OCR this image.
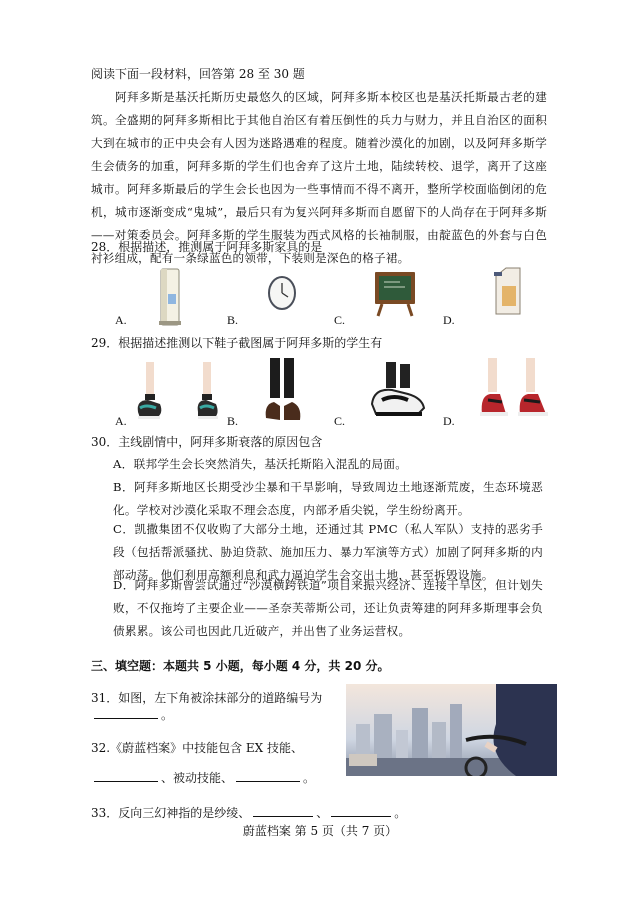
阅读下面一段材料，回答第 28 至 30 题
阿拜多斯是基沃托斯历史最悠久的区域，阿拜多斯本校区也是基沃托斯最古老的建筑。全盛期的阿拜多斯相比于其他自治区有着压倒性的兵力与财力，并且自治区的面积大到在城市的正中央会有人因为迷路遇难的程度。随着沙漠化的加剧，以及阿拜多斯学生会债务的加重，阿拜多斯的学生们也舍弃了这片土地，陆续转校、退学，离开了这座城市。阿拜多斯最后的学生会长也因为一些事情而不得不离开，整所学校面临倒闭的危机，城市逐渐变成“鬼城”，最后只有为复兴阿拜多斯而自愿留下的人尚存在于阿拜多斯——对策委员会。阿拜多斯的学生服装为西式风格的长袖制服，由靛蓝色的外套与白色衬衫组成，配有一条绿蓝色的领带，下装则是深色的格子裙。
28．根据描述，推测属于阿拜多斯家具的是
A.	B.	C.	D.
29．根据描述推测以下鞋子截图属于阿拜多斯的学生有
A.	B.	C.	D.
30．主线剧情中，阿拜多斯衰落的原因包含
A．联邦学生会长突然消失，基沃托斯陷入混乱的局面。
B．阿拜多斯地区长期受沙尘暴和干旱影响，导致周边土地逐渐荒废，生态环境恶化。学校对沙漠化采取不理会态度，内部矛盾尖锐，学生纷纷离开。
C．凯撒集团不仅收购了大部分土地，还通过其 PMC（私人军队）支持的恶劣手段（包括帮派骚扰、胁迫贷款、施加压力、暴力军演等方式）加剧了阿拜多斯的内部动荡。他们利用高额利息和武力逼迫学生会交出土地，甚至拆毁设施。
D．阿拜多斯曾尝试通过“沙漠横跨铁道”项目来振兴经济、连接干旱区，但计划失败，不仅拖垮了主要企业——圣奈芙蒂斯公司，还让负责筹建的阿拜多斯理事会负债累累。该公司也因此几近破产，并出售了业务运营权。
三、填空题：本题共 5 小题，每小题 4 分，共 20 分。
31．如图，左下角被涂抹部分的道路编号为
。
32.《蔚蓝档案》中技能包含 EX 技能、
、被动技能、	。
33．反向三幻神指的是纱绫、	、	。
蔚蓝档案 第 5 页（共 7 页）
